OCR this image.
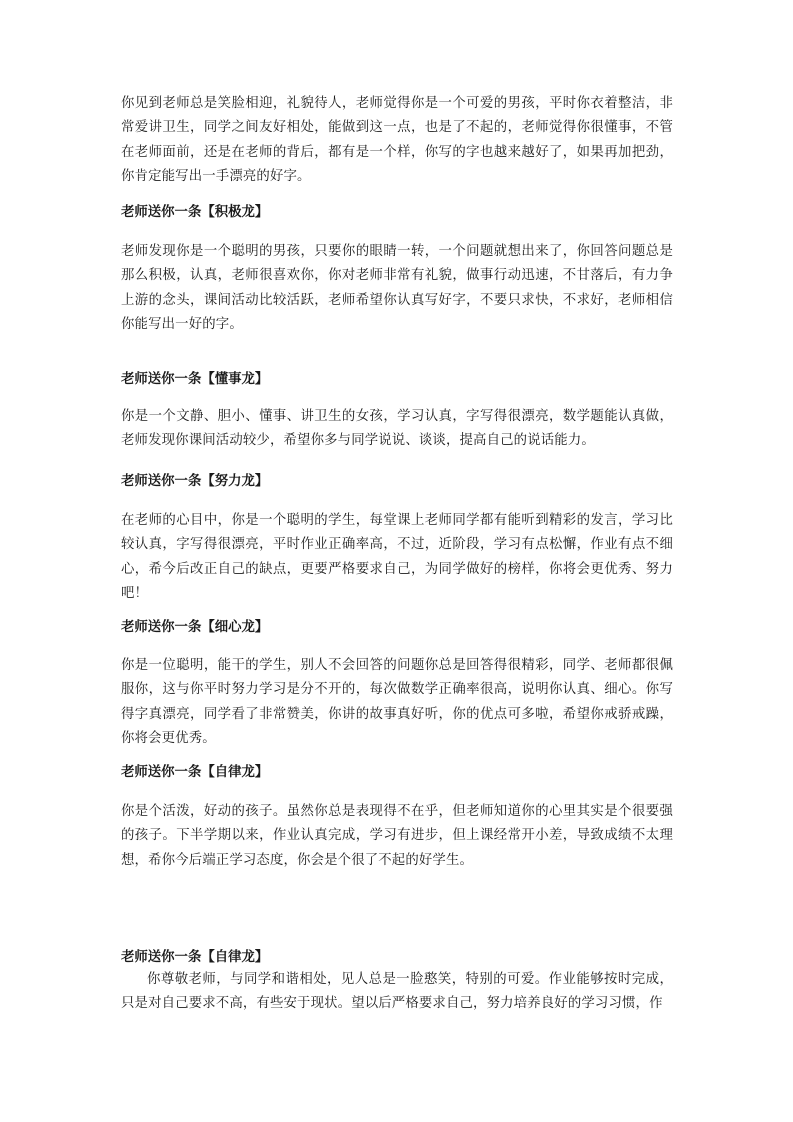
你见到老师总是笑脸相迎，礼貌待人，老师觉得你是一个可爱的男孩，平时你衣着整洁，非常爱讲卫生，同学之间友好相处，能做到这一点，也是了不起的，老师觉得你很懂事，不管在老师面前，还是在老师的背后，都有是一个样，你写的字也越来越好了，如果再加把劲，你肯定能写出一手漂亮的好字。

老师送你一条【积极龙】

老师发现你是一个聪明的男孩，只要你的眼睛一转，一个问题就想出来了，你回答问题总是那么积极，认真，老师很喜欢你，你对老师非常有礼貌，做事行动迅速，不甘落后，有力争上游的念头，课间活动比较活跃，老师希望你认真写好字，不要只求快，不求好，老师相信你能写出一好的字。

老师送你一条【懂事龙】

你是一个文静、胆小、懂事、讲卫生的女孩，学习认真，字写得很漂亮，数学题能认真做，老师发现你课间活动较少，希望你多与同学说说、谈谈，提高自己的说话能力。

老师送你一条【努力龙】

在老师的心目中，你是一个聪明的学生，每堂课上老师同学都有能听到精彩的发言，学习比较认真，字写得很漂亮，平时作业正确率高，不过，近阶段，学习有点松懈，作业有点不细心，希今后改正自己的缺点，更要严格要求自己，为同学做好的榜样，你将会更优秀、努力吧！

老师送你一条【细心龙】

你是一位聪明，能干的学生，别人不会回答的问题你总是回答得很精彩，同学、老师都很佩服你，这与你平时努力学习是分不开的，每次做数学正确率很高，说明你认真、细心。你写得字真漂亮，同学看了非常赞美，你讲的故事真好听，你的优点可多啦，希望你戒骄戒躁，你将会更优秀。

老师送你一条【自律龙】

你是个活泼，好动的孩子。虽然你总是表现得不在乎，但老师知道你的心里其实是个很要强的孩子。下半学期以来，作业认真完成，学习有进步，但上课经常开小差，导致成绩不太理想，希你今后端正学习态度，你会是个很了不起的好学生。

老师送你一条【自律龙】

你尊敬老师，与同学和谐相处，见人总是一脸憨笑，特别的可爱。作业能够按时完成，只是对自己要求不高，有些安于现状。望以后严格要求自己，努力培养良好的学习习惯，作
